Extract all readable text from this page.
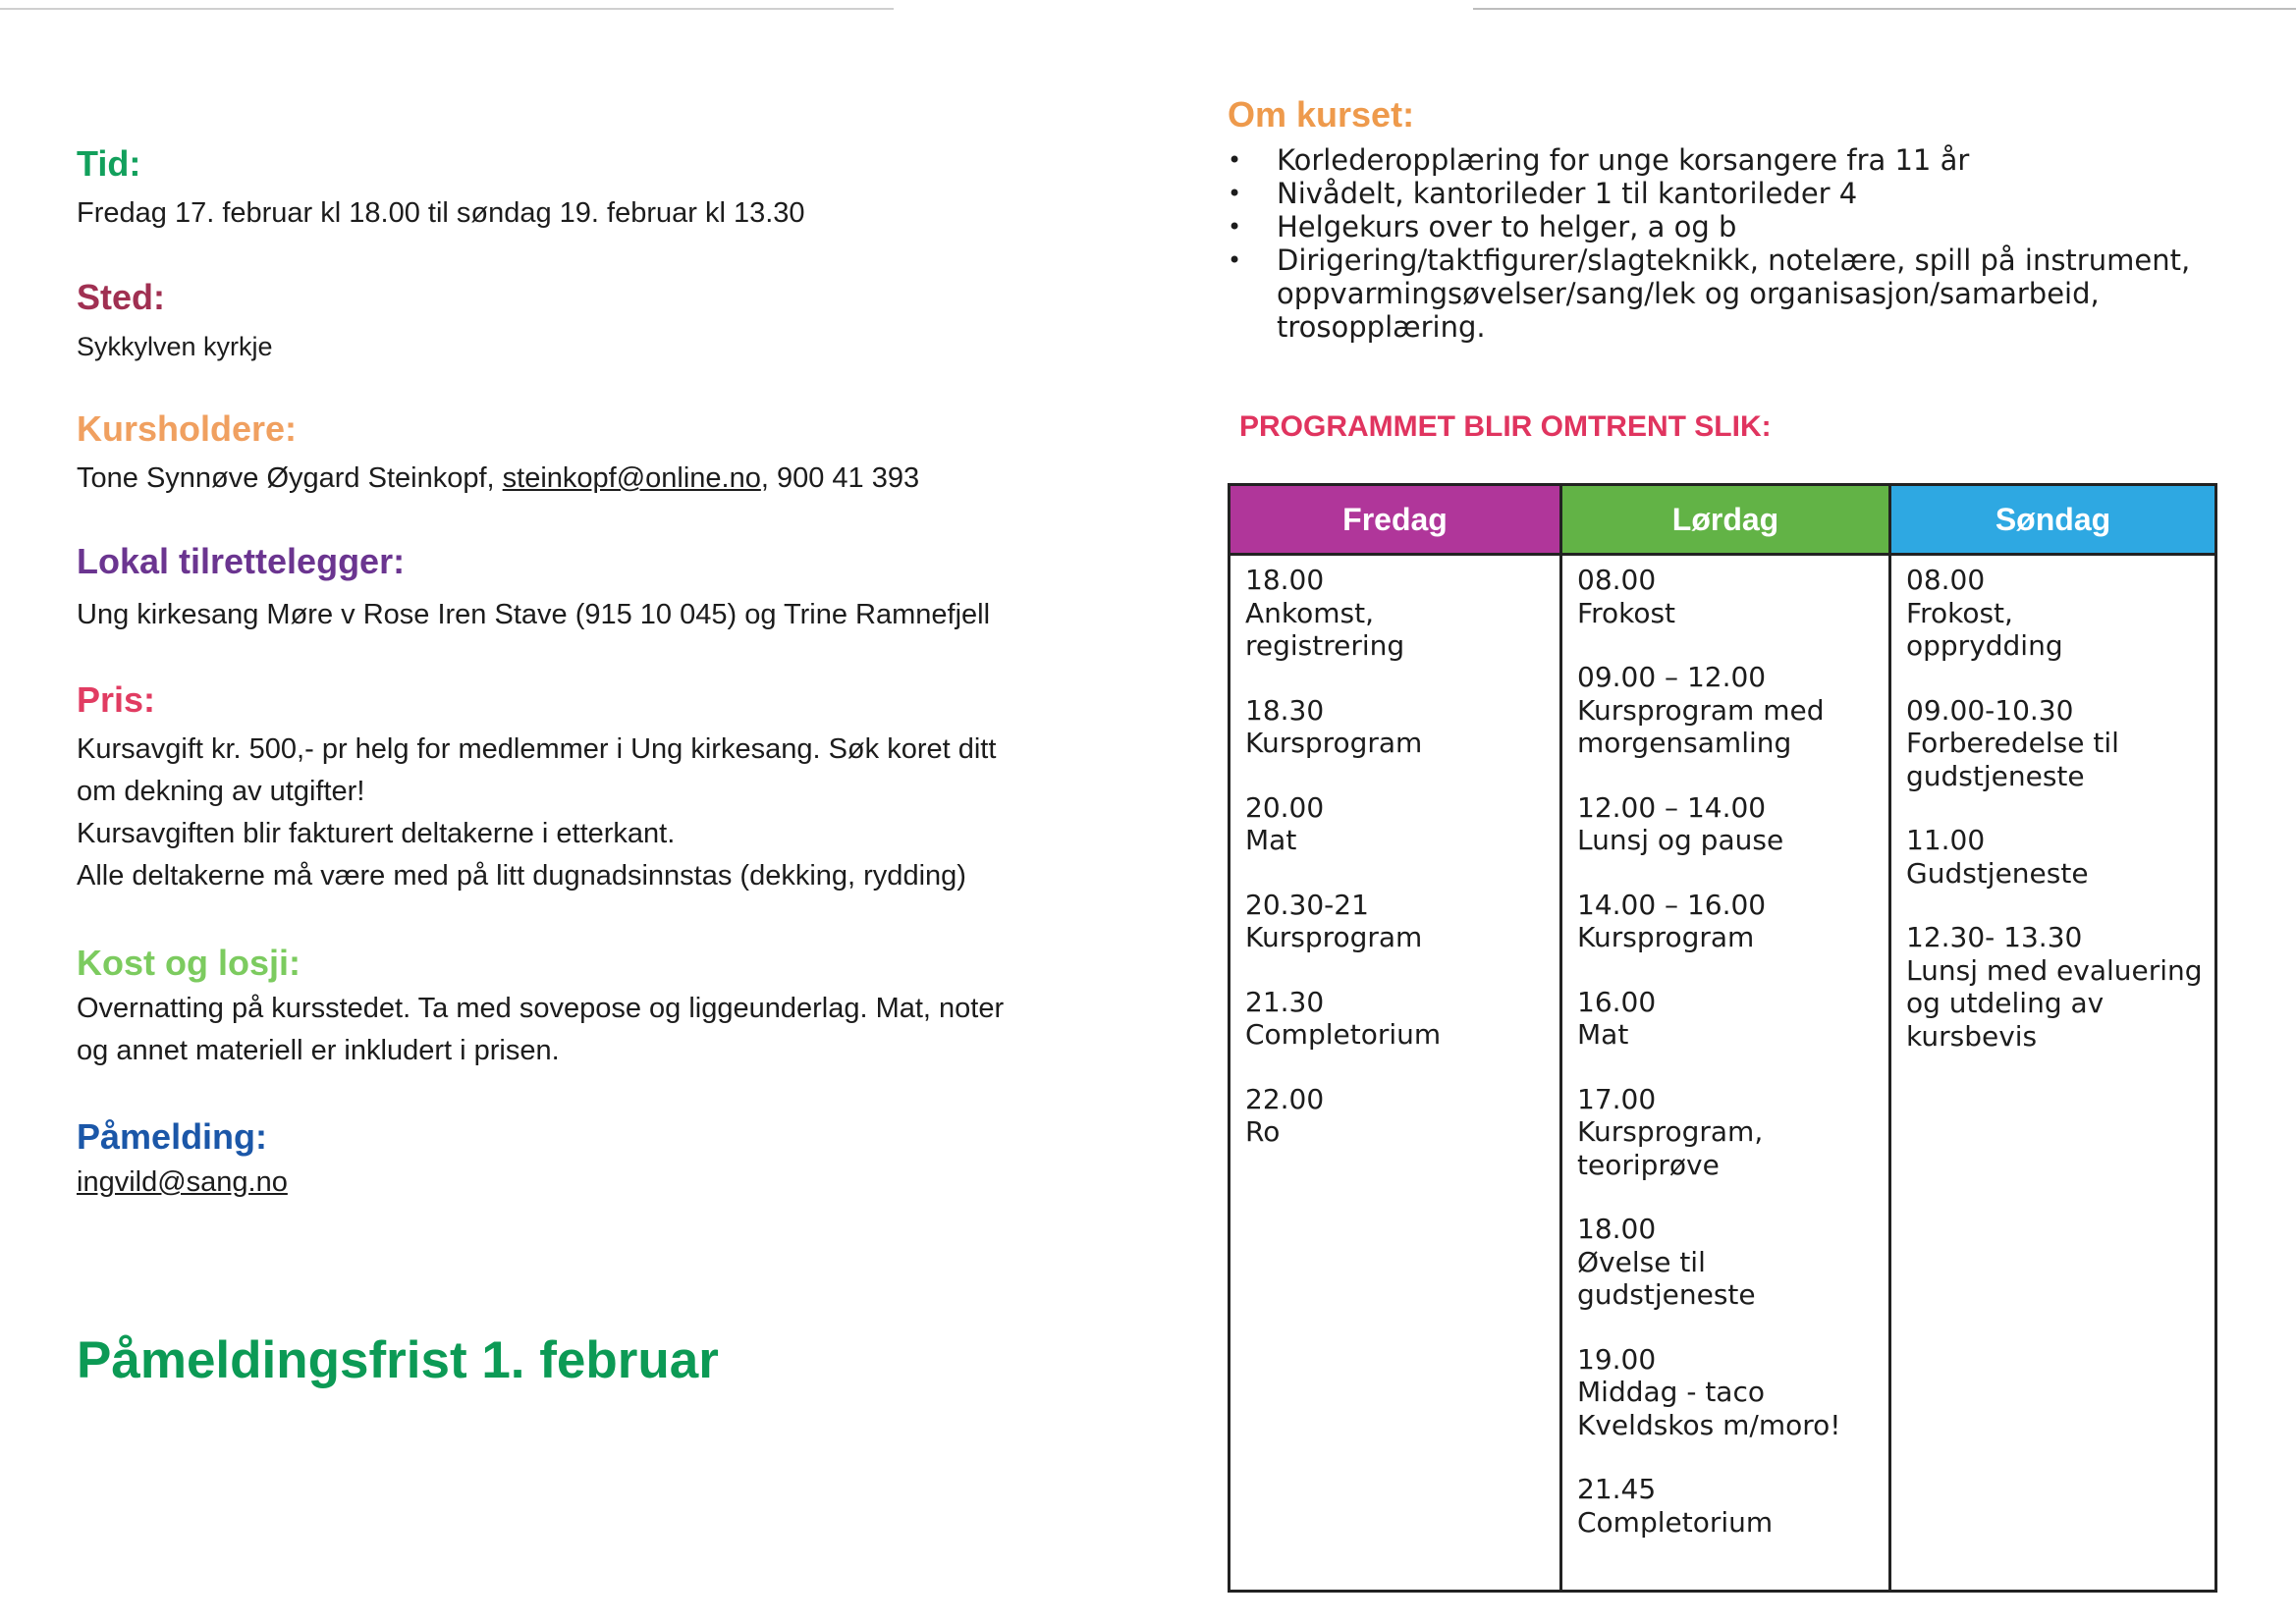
Tid:
Fredag 17. februar kl 18.00 til søndag 19. februar kl 13.30
Sted:
Sykkylven kyrkje
Kursholdere:
Tone Synnøve Øygard Steinkopf, steinkopf@online.no, 900 41 393
Lokal tilrettelegger:
Ung kirkesang Møre v Rose Iren Stave (915 10 045) og Trine Ramnefjell
Pris:

Kursavgift kr. 500,- pr helg for medlemmer i Ung kirkesang. Søk koret ditt

om dekning av utgifter!

Kursavgiften blir fakturert deltakerne i etterkant.

Alle deltakerne må være med på litt dugnadsinnstas (dekking, rydding)

Kost og losji:

Overnatting på kursstedet. Ta med sovepose og liggeunderlag. Mat, noter

og annet materiell er inkludert i prisen.

Påmelding:
ingvild@sang.no
Påmeldingsfrist 1. februar
Om kurset:
• Korlederopplæring for unge korsangere fra 11 år
• Nivådelt, kantorileder 1 til kantorileder 4
• Helgekurs over to helger, a og b
• Dirigering/taktfigurer/slagteknikk, notelære, spill på instrument, oppvarmingsøvelser/sang/lek og organisasjon/samarbeid, trosopplæring.
PROGRAMMET BLIR OMTRENT SLIK:
Fredag
18.00
Ankomst,
registrering
18.30
Kursprogram
20.00
Mat
20.30-21
Kursprogram
21.30
Completorium
22.00
Ro
Lørdag
08.00
Frokost
09.00 – 12.00
Kursprogram med
morgensamling
12.00 – 14.00
Lunsj og pause
14.00 – 16.00
Kursprogram
16.00
Mat
17.00
Kursprogram,
teoriprøve
18.00
Øvelse til gudstjeneste
19.00
Middag - taco
Kveldskos m/moro!
21.45
Completorium
Søndag
08.00
Frokost,
opprydding
09.00-10.30
Forberedelse til
gudstjeneste
11.00
Gudstjeneste
12.30- 13.30
Lunsj med evaluering
og utdeling av
kursbevis
